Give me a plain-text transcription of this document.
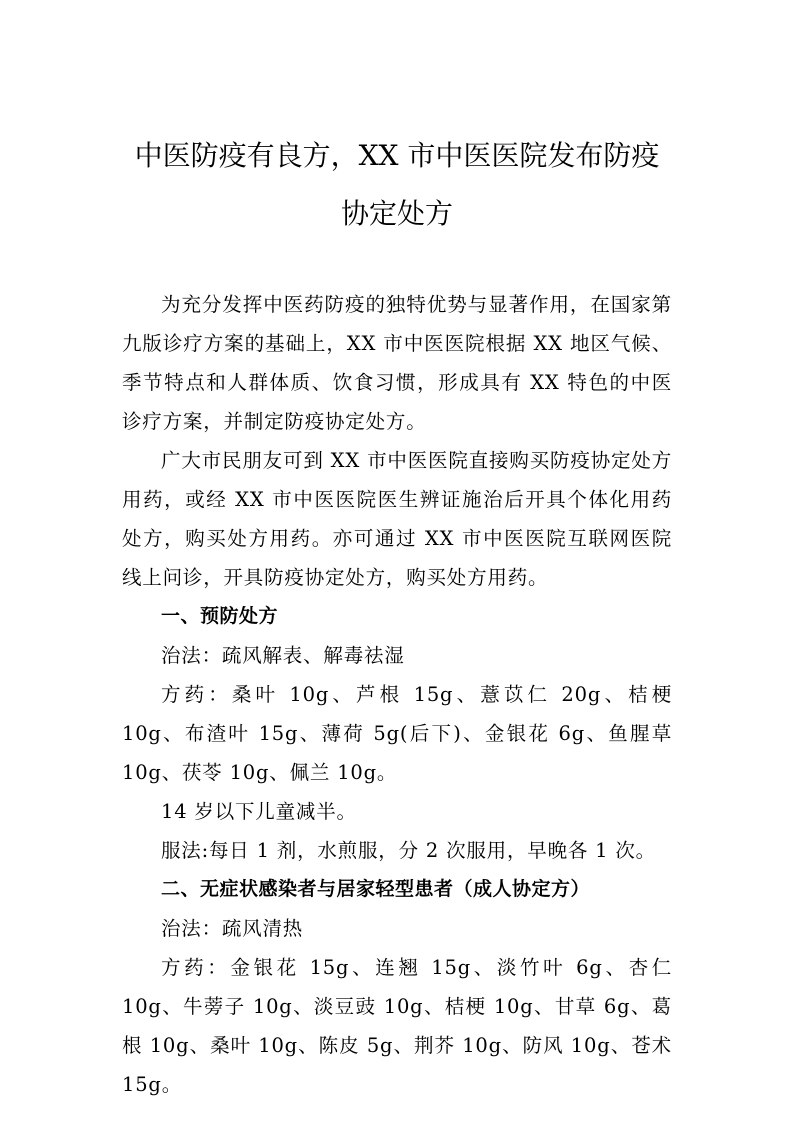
中医防疫有良方，XX 市中医医院发布防疫
协定处方

为充分发挥中医药防疫的独特优势与显著作用，在国家第九版诊疗方案的基础上，XX 市中医医院根据 XX 地区气候、季节特点和人群体质、饮食习惯，形成具有 XX 特色的中医诊疗方案，并制定防疫协定处方。

广大市民朋友可到 XX 市中医医院直接购买防疫协定处方用药，或经 XX 市中医医院医生辨证施治后开具个体化用药处方，购买处方用药。亦可通过 XX 市中医医院互联网医院线上问诊，开具防疫协定处方，购买处方用药。

一、预防处方

治法：疏风解表、解毒祛湿

方药：桑叶 10g、芦根 15g、薏苡仁 20g、桔梗 10g、布渣叶 15g、薄荷 5g(后下)、金银花 6g、鱼腥草 10g、茯苓 10g、佩兰 10g。

14 岁以下儿童减半。

服法:每日 1 剂，水煎服，分 2 次服用，早晚各 1 次。

二、无症状感染者与居家轻型患者（成人协定方）

治法：疏风清热

方药：金银花 15g、连翘 15g、淡竹叶 6g、杏仁 10g、牛蒡子 10g、淡豆豉 10g、桔梗 10g、甘草 6g、葛根 10g、桑叶 10g、陈皮 5g、荆芥 10g、防风 10g、苍术 15g。
